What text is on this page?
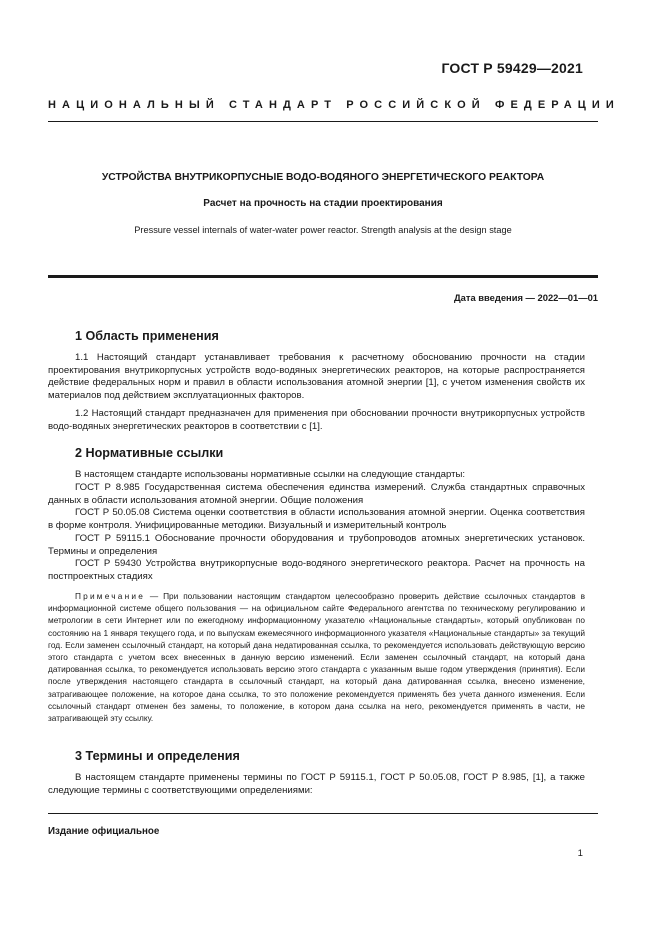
ГОСТ Р 59429—2021
НАЦИОНАЛЬНЫЙ СТАНДАРТ РОССИЙСКОЙ ФЕДЕРАЦИИ
УСТРОЙСТВА ВНУТРИКОРПУСНЫЕ ВОДО-ВОДЯНОГО ЭНЕРГЕТИЧЕСКОГО РЕАКТОРА
Расчет на прочность на стадии проектирования
Pressure vessel internals of water-water power reactor. Strength analysis at the design stage
Дата введения — 2022—01—01
1 Область применения
1.1 Настоящий стандарт устанавливает требования к расчетному обоснованию прочности на стадии проектирования внутрикорпусных устройств водо-водяных энергетических реакторов, на которые распространяется действие федеральных норм и правил в области использования атомной энергии [1], с учетом изменения свойств их материалов под действием эксплуатационных факторов.
1.2 Настоящий стандарт предназначен для применения при обосновании прочности внутрикорпусных устройств водо-водяных энергетических реакторов в соответствии с [1].
2 Нормативные ссылки
В настоящем стандарте использованы нормативные ссылки на следующие стандарты:
ГОСТ Р 8.985 Государственная система обеспечения единства измерений. Служба стандартных справочных данных в области использования атомной энергии. Общие положения
ГОСТ Р 50.05.08 Система оценки соответствия в области использования атомной энергии. Оценка соответствия в форме контроля. Унифицированные методики. Визуальный и измерительный контроль
ГОСТ Р 59115.1 Обоснование прочности оборудования и трубопроводов атомных энергетических установок. Термины и определения
ГОСТ Р 59430 Устройства внутрикорпусные водо-водяного энергетического реактора. Расчет на прочность на постпроектных стадиях
Примечание — При пользовании настоящим стандартом целесообразно проверить действие ссылочных стандартов в информационной системе общего пользования — на официальном сайте Федерального агентства по техническому регулированию и метрологии в сети Интернет или по ежегодному информационному указателю «Национальные стандарты», который опубликован по состоянию на 1 января текущего года, и по выпускам ежемесячного информационного указателя «Национальные стандарты» за текущий год. Если заменен ссылочный стандарт, на который дана недатированная ссылка, то рекомендуется использовать действующую версию этого стандарта с учетом всех внесенных в данную версию изменений. Если заменен ссылочный стандарт, на который дана датированная ссылка, то рекомендуется использовать версию этого стандарта с указанным выше годом утверждения (принятия). Если после утверждения настоящего стандарта в ссылочный стандарт, на который дана датированная ссылка, внесено изменение, затрагивающее положение, на которое дана ссылка, то это положение рекомендуется применять без учета данного изменения. Если ссылочный стандарт отменен без замены, то положение, в котором дана ссылка на него, рекомендуется применять в части, не затрагивающей эту ссылку.
3 Термины и определения
В настоящем стандарте применены термины по ГОСТ Р 59115.1, ГОСТ Р 50.05.08, ГОСТ Р 8.985, [1], а также следующие термины с соответствующими определениями:
Издание официальное
1
